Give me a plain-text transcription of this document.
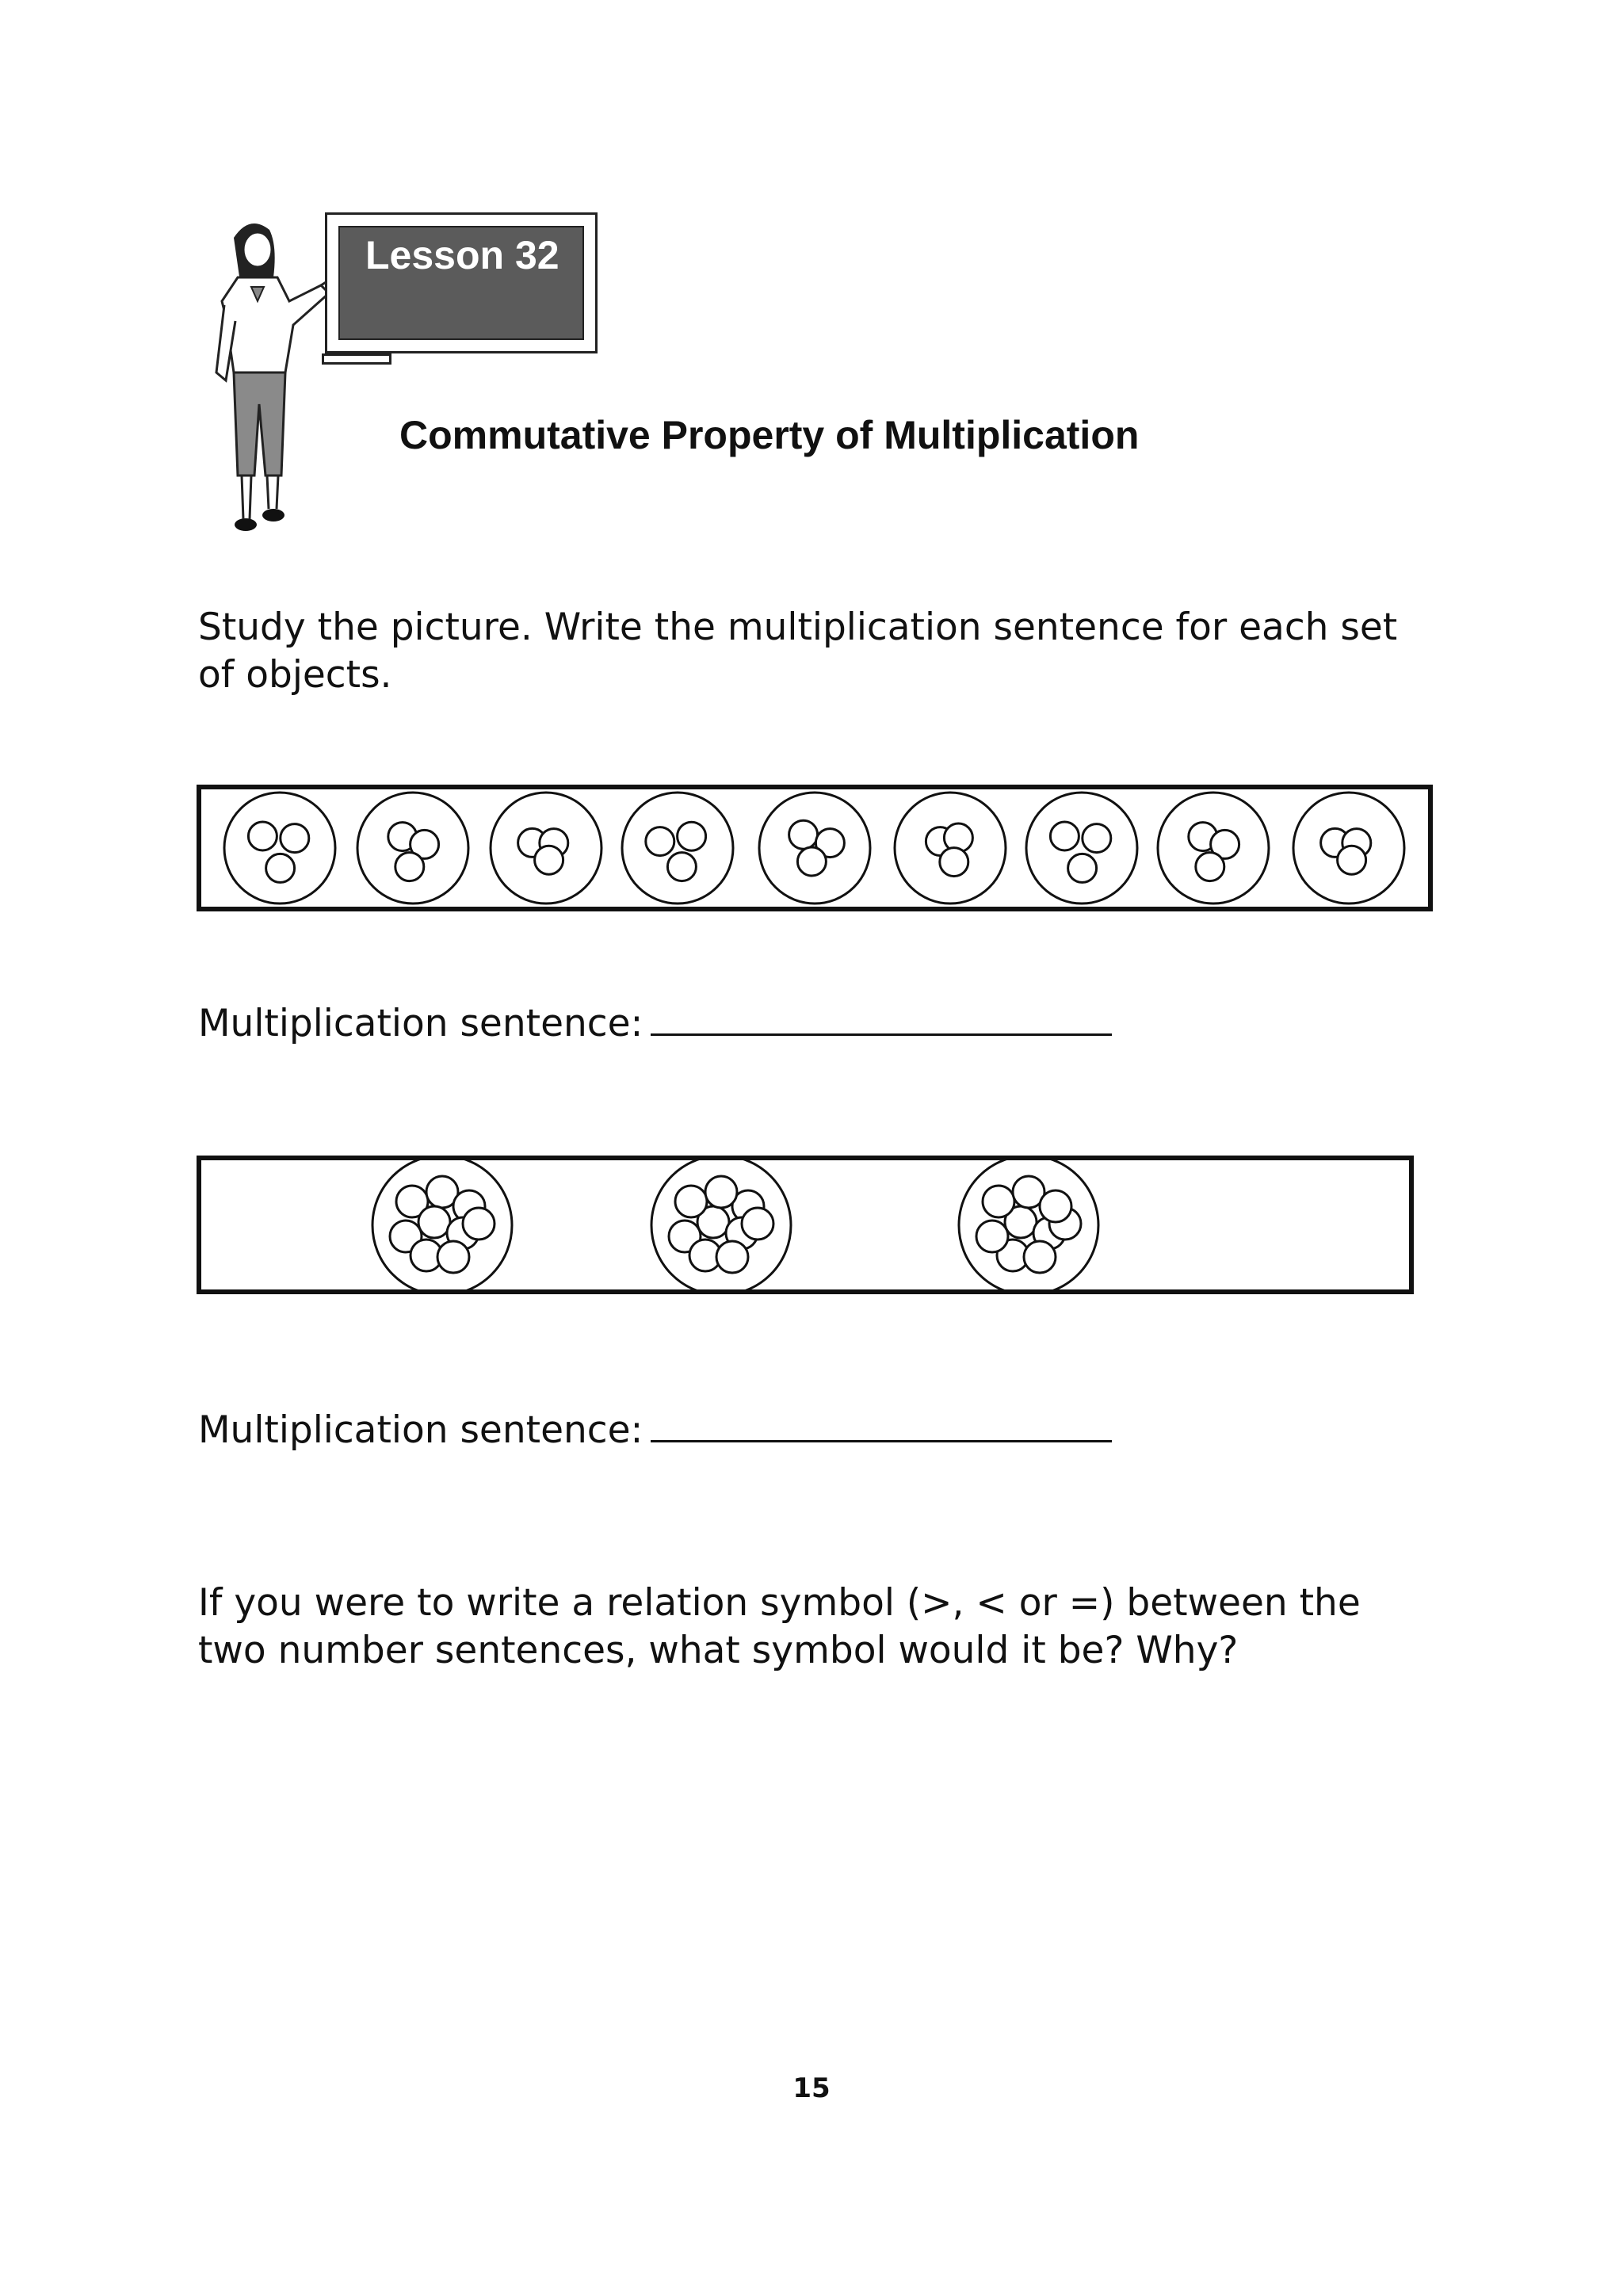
Lesson 32
Commutative Property of Multiplication
Study the picture. Write the multiplication sentence for each set of objects.
Multiplication sentence:
Multiplication sentence:
If you were to write a relation symbol (>, < or =) between the two number sentences, what symbol would it be? Why?
15
